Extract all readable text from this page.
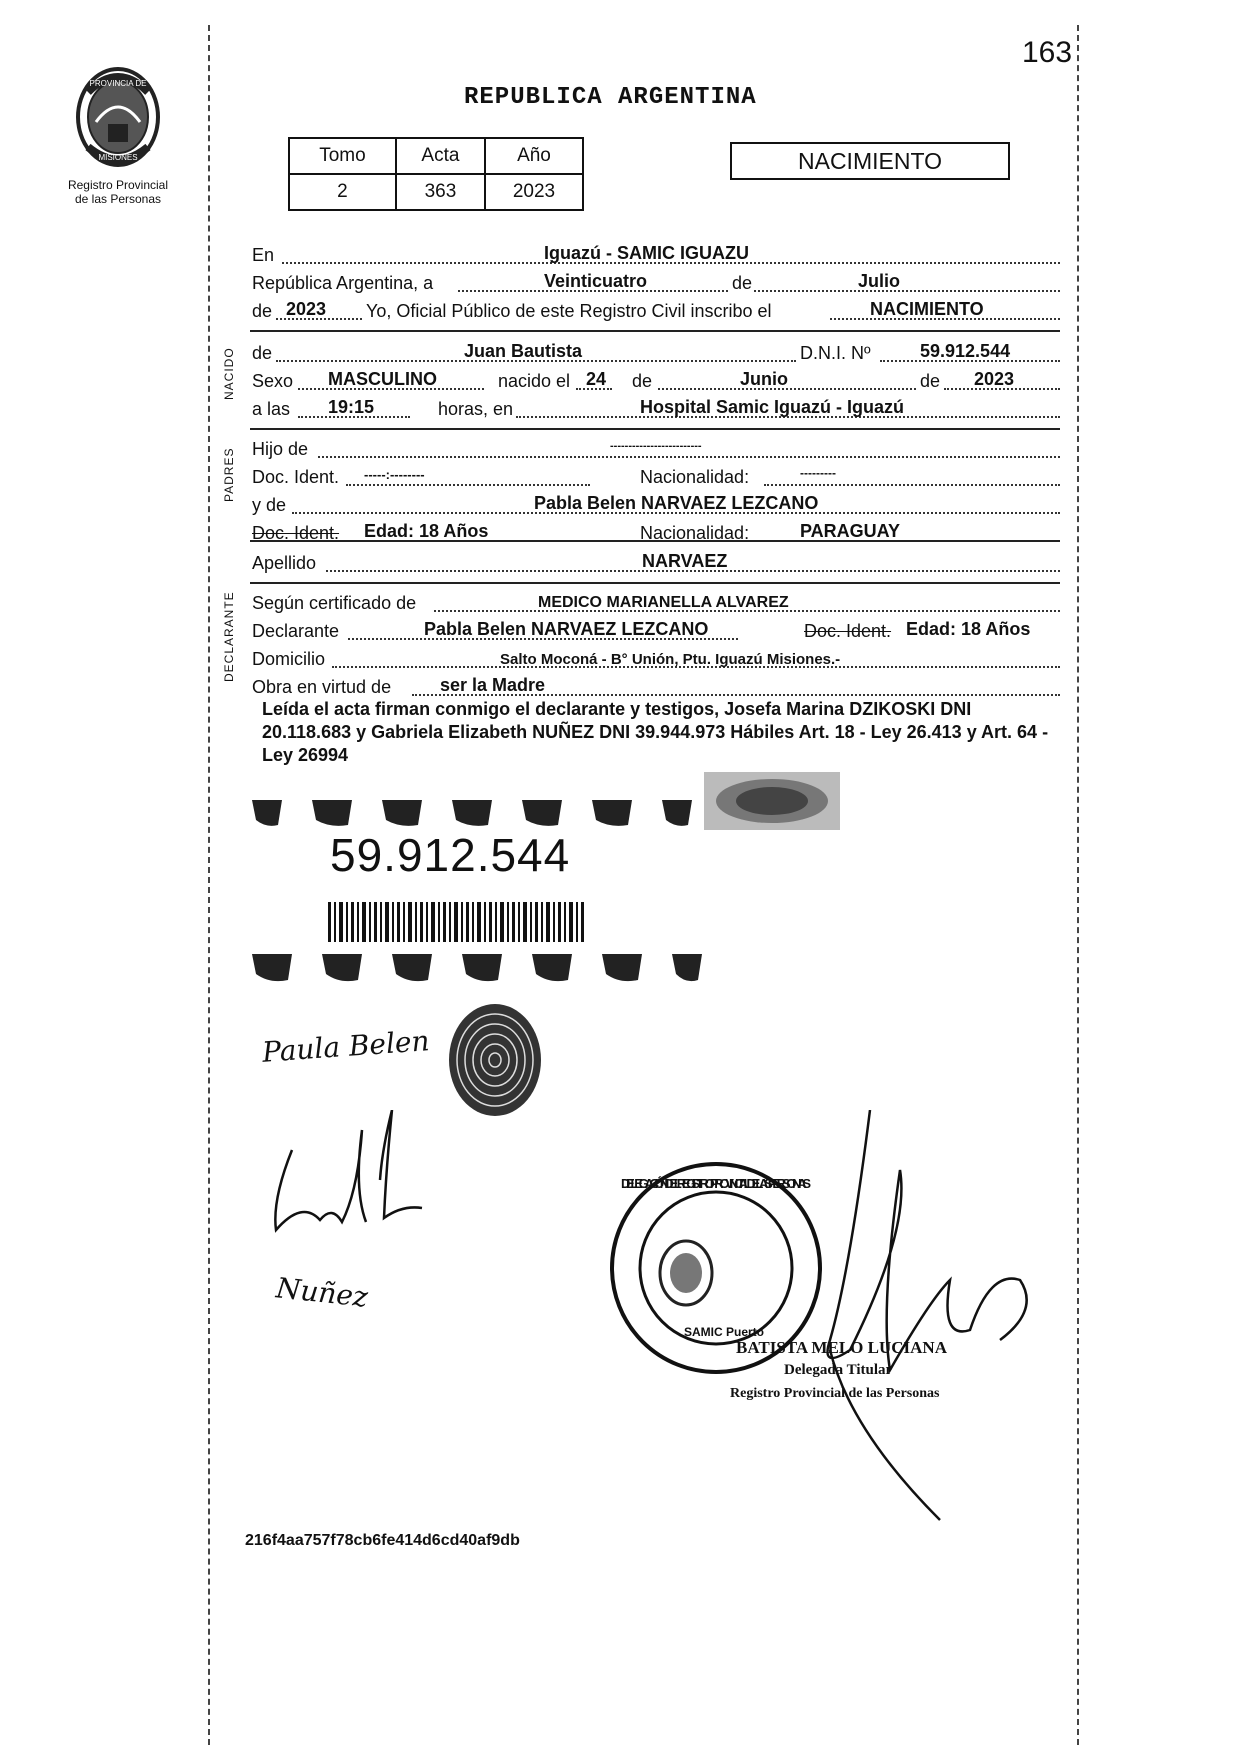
163
PROVINCIA DE
MISIONES
Registro Provincial
de las Personas
REPUBLICA ARGENTINA
Tomo	Acta	Año
2	363	2023
NACIMIENTO
NACIDO
PADRES
DECLARANTE
En	Iguazú - SAMIC IGUAZU
República Argentina, a	Veinticuatro	de	Julio
de 2023 Yo, Oficial Público de este Registro Civil inscribo el	NACIMIENTO
de	Juan Bautista	D.N.I. Nº	59.912.544
Sexo MASCULINO	nacido el 24 de	Junio	de 2023
a las 19:15	horas, en	Hospital Samic Iguazú - Iguazú
Hijo de	-------------------------
Doc. Ident. -----:--------	Nacionalidad:	---------
y de	Pabla Belen NARVAEZ LEZCANO
Doc. Ident. Edad: 18 Años	Nacionalidad:	PARAGUAY
Apellido	NARVAEZ
Según certificado de	MEDICO MARIANELLA ALVAREZ
Declarante	Pabla Belen NARVAEZ LEZCANO	Doc. Ident. Edad: 18 Años
Domicilio	Salto Moconá - B° Unión, Ptu. Iguazú Misiones.-
Obra en virtud de	ser la Madre
Leída el acta firman conmigo el declarante y testigos, Josefa Marina DZIKOSKI DNI 20.118.683 y Gabriela Elizabeth NUÑEZ DNI 39.944.973 Hábiles Art. 18 - Ley 26.413 y Art. 64 - Ley 26994
59.912.544
Paula Belen
Nuñez
DELEGACIÓN DEL REGISTRO PROVINCIAL DE LAS PERSONAS
SAMIC Puerto
BATISTA MELO LUCIANA
Delegada Titular
Registro Provincial de las Personas
216f4aa757f78cb6fe414d6cd40af9db
